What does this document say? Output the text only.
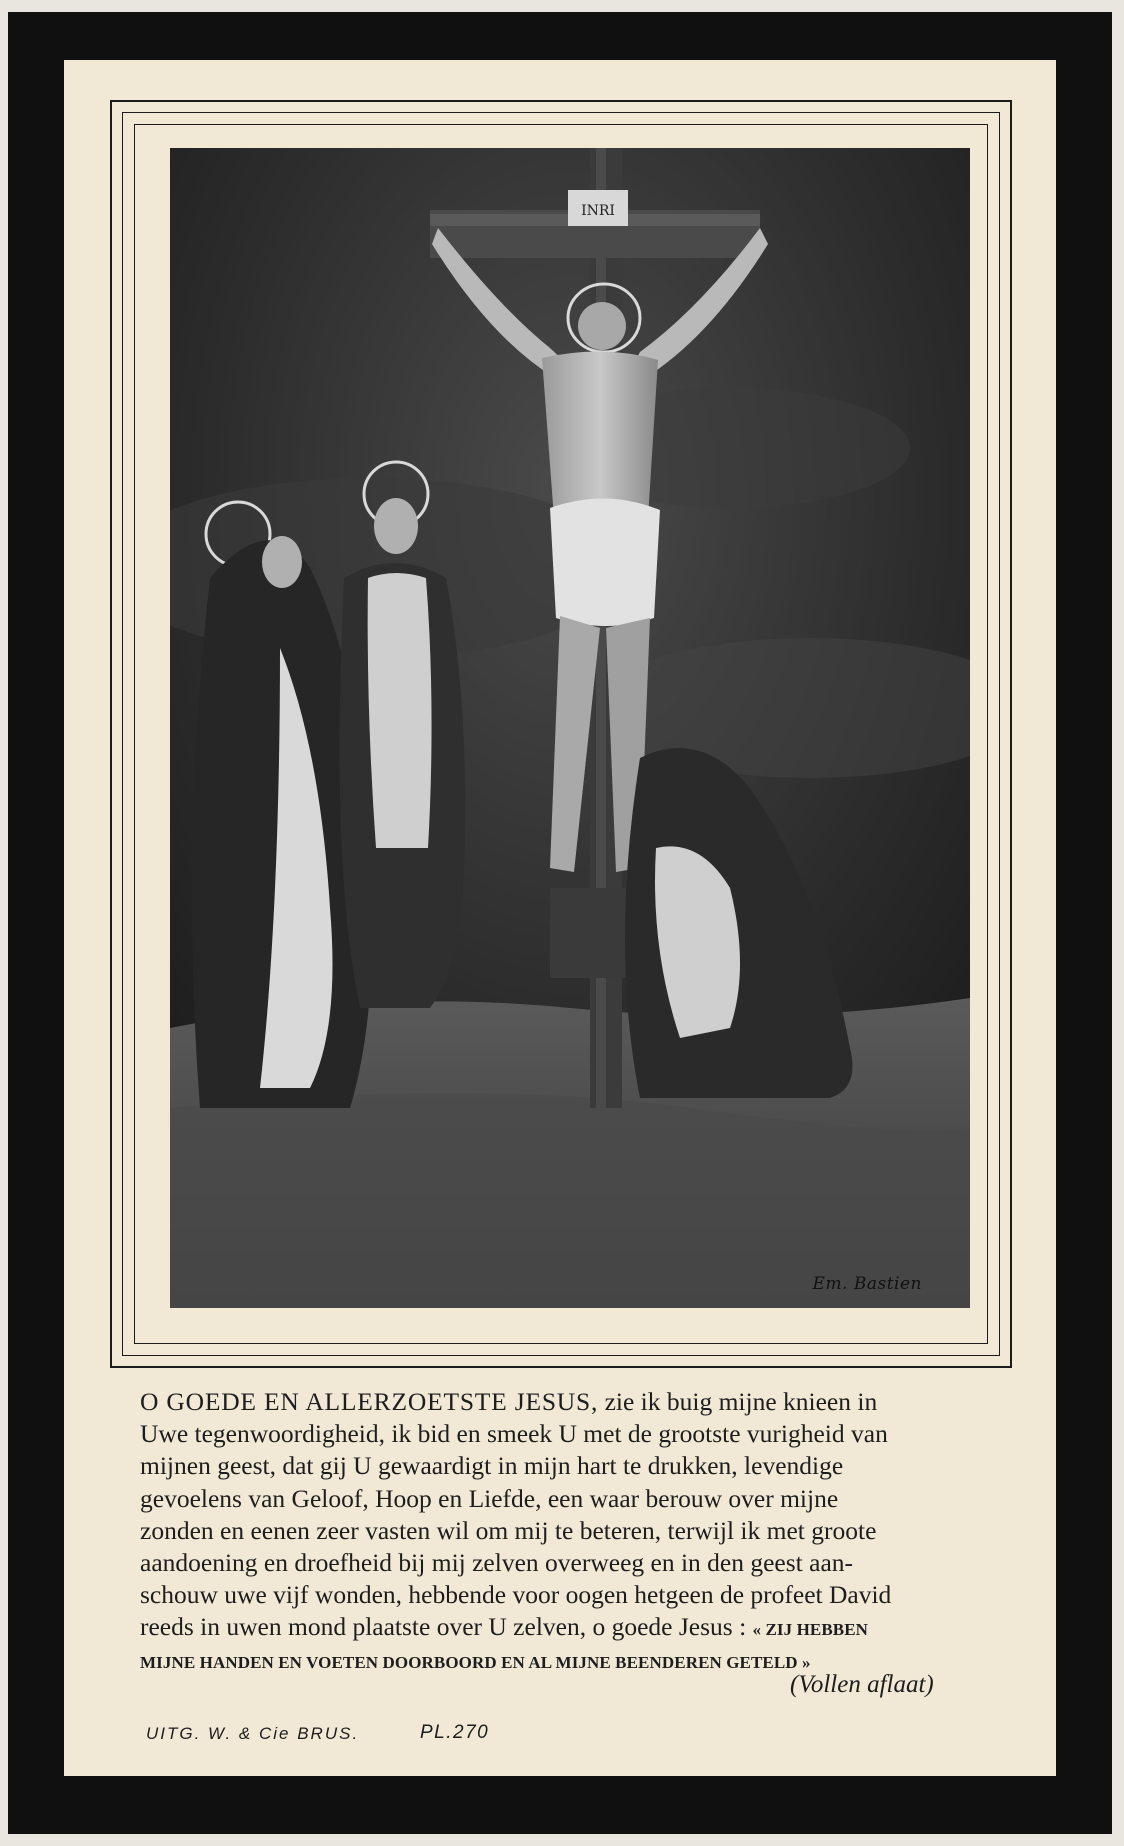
INRI
Em. Bastien

O GOEDE EN ALLERZOETSTE JESUS, zie ik buig mijne knieen in
Uwe tegenwoordigheid, ik bid en smeek U met de grootste vurigheid van
mijnen geest, dat gij U gewaardigt in mijn hart te drukken, levendige
gevoelens van Geloof, Hoop en Liefde, een waar berouw over mijne
zonden en eenen zeer vasten wil om mij te beteren, terwijl ik met groote
aandoening en droefheid bij mij zelven overweeg en in den geest aan-
schouw uwe vijf wonden, hebbende voor oogen hetgeen de profeet David
reeds in uwen mond plaatste over U zelven, o goede Jesus : « ZIJ HEBBEN
MIJNE HANDEN EN VOETEN DOORBOORD EN AL MIJNE BEENDEREN GETELD »

(Vollen aflaat)
UITG. W. & Cie BRUS.	PL.270
